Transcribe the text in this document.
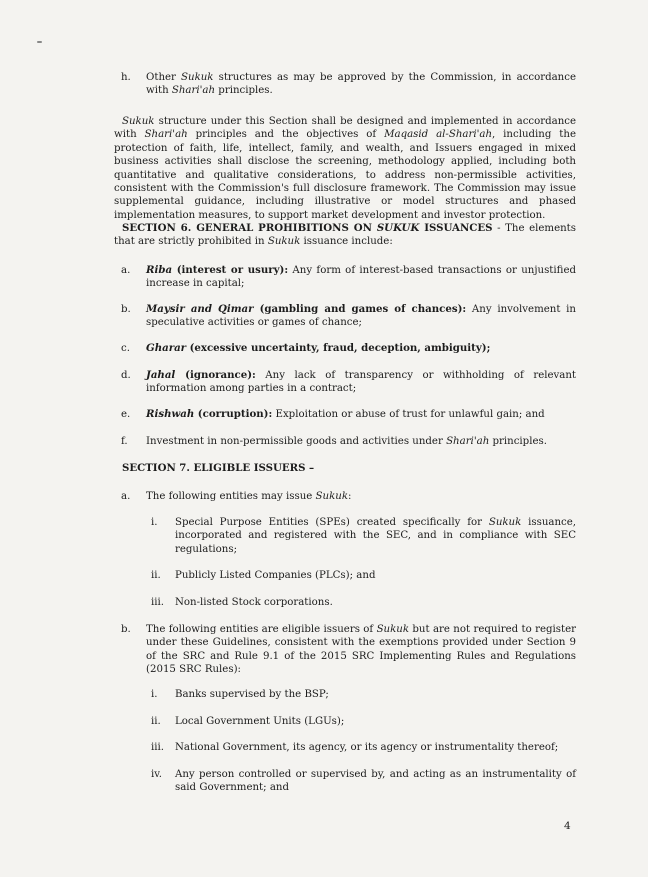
h.	Other Sukuk structures as may be approved by the Commission, in accordance with Shari'ah principles.
Sukuk structure under this Section shall be designed and implemented in accordance with Shari'ah principles and the objectives of Maqasid al-Shari'ah, including the protection of faith, life, intellect, family, and wealth, and Issuers engaged in mixed business activities shall disclose the screening, methodology applied, including both quantitative and qualitative considerations, to address non-permissible activities, consistent with the Commission's full disclosure framework. The Commission may issue supplemental guidance, including illustrative or model structures and phased implementation measures, to support market development and investor protection.
SECTION 6. GENERAL PROHIBITIONS ON SUKUK ISSUANCES - The elements that are strictly prohibited in Sukuk issuance include:
a.	Riba (interest or usury): Any form of interest-based transactions or unjustified increase in capital;
b.	Maysir and Qimar (gambling and games of chances): Any involvement in speculative activities or games of chance;
c.	Gharar (excessive uncertainty, fraud, deception, ambiguity);
d.	Jahal (ignorance): Any lack of transparency or withholding of relevant information among parties in a contract;
e.	Rishwah (corruption): Exploitation or abuse of trust for unlawful gain; and
f.	Investment in non-permissible goods and activities under Shari'ah principles.
SECTION 7. ELIGIBLE ISSUERS –
a.	The following entities may issue Sukuk:
i.	Special Purpose Entities (SPEs) created specifically for Sukuk issuance, incorporated and registered with the SEC, and in compliance with SEC regulations;
ii.	Publicly Listed Companies (PLCs); and
iii.	Non-listed Stock corporations.
b.	The following entities are eligible issuers of Sukuk but are not required to register under these Guidelines, consistent with the exemptions provided under Section 9 of the SRC and Rule 9.1 of the 2015 SRC Implementing Rules and Regulations (2015 SRC Rules):
i.	Banks supervised by the BSP;
ii.	Local Government Units (LGUs);
iii.	National Government, its agency, or its agency or instrumentality thereof;
iv.	Any person controlled or supervised by, and acting as an instrumentality of said Government; and
4
